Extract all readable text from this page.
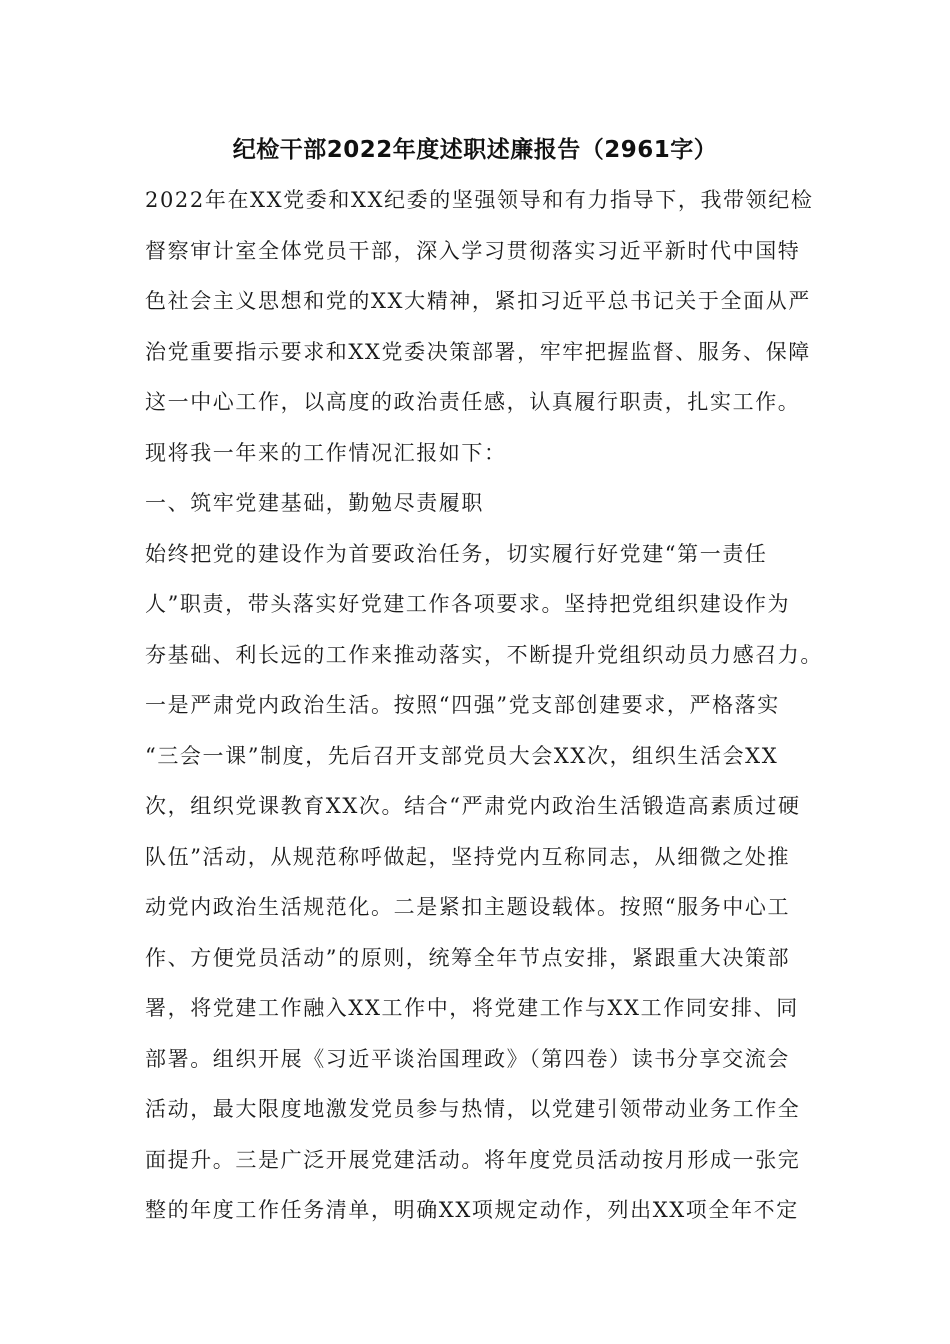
纪检干部2022年度述职述廉报告（2961字）
2022年在XX党委和XX纪委的坚强领导和有力指导下，我带领纪检
督察审计室全体党员干部，深入学习贯彻落实习近平新时代中国特
色社会主义思想和党的XX大精神，紧扣习近平总书记关于全面从严
治党重要指示要求和XX党委决策部署，牢牢把握监督、服务、保障
这一中心工作，以高度的政治责任感，认真履行职责，扎实工作。
现将我一年来的工作情况汇报如下：
一、筑牢党建基础，勤勉尽责履职
始终把党的建设作为首要政治任务，切实履行好党建“第一责任
人”职责，带头落实好党建工作各项要求。坚持把党组织建设作为
夯基础、利长远的工作来推动落实，不断提升党组织动员力感召力。
一是严肃党内政治生活。按照“四强”党支部创建要求，严格落实
“三会一课”制度，先后召开支部党员大会XX次，组织生活会XX
次，组织党课教育XX次。结合“严肃党内政治生活锻造高素质过硬
队伍”活动，从规范称呼做起，坚持党内互称同志，从细微之处推
动党内政治生活规范化。二是紧扣主题设载体。按照“服务中心工
作、方便党员活动”的原则，统筹全年节点安排，紧跟重大决策部
署，将党建工作融入XX工作中，将党建工作与XX工作同安排、同
部署。组织开展《习近平谈治国理政》（第四卷）读书分享交流会
活动，最大限度地激发党员参与热情，以党建引领带动业务工作全
面提升。三是广泛开展党建活动。将年度党员活动按月形成一张完
整的年度工作任务清单，明确XX项规定动作，列出XX项全年不定
